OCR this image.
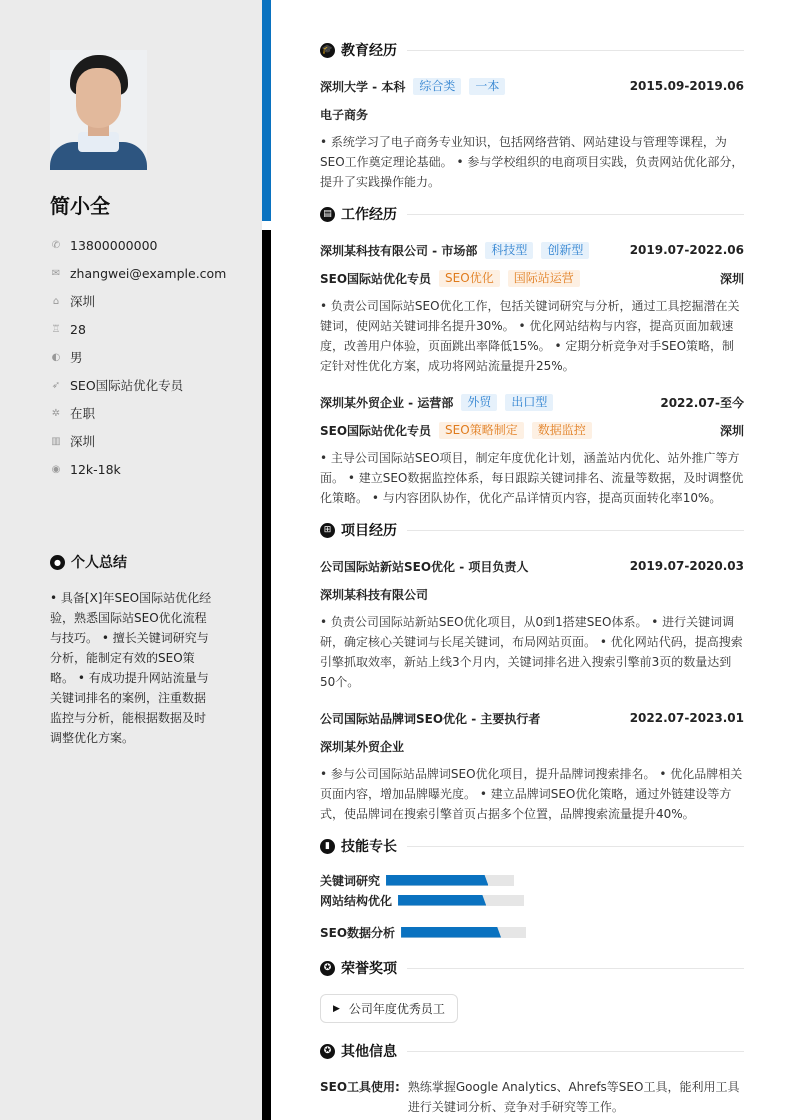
简小全
✆ 13800000000
✉ zhangwei@example.com
⌂ 深圳
♖ 28
◐ 男
➶ SEO国际站优化专员
✲ 在职
▥ 深圳
◉ 12k-18k
● 个人总结
• 具备[X]年SEO国际站优化经验，熟悉国际站SEO优化流程与技巧。 • 擅长关键词研究与分析，能制定有效的SEO策略。 • 有成功提升网站流量与关键词排名的案例，注重数据监控与分析，能根据数据及时调整优化方案。
🎓 教育经历
深圳大学 - 本科	综合类	一本	2015.09-2019.06
电子商务
• 系统学习了电子商务专业知识，包括网络营销、网站建设与管理等课程，为SEO工作奠定理论基础。 • 参与学校组织的电商项目实践，负责网站优化部分，提升了实践操作能力。
▤ 工作经历
深圳某科技有限公司 - 市场部	科技型	创新型	2019.07-2022.06
SEO国际站优化专员	SEO优化	国际站运营	深圳
• 负责公司国际站SEO优化工作，包括关键词研究与分析，通过工具挖掘潜在关键词，使网站关键词排名提升30%。 • 优化网站结构与内容，提高页面加载速度，改善用户体验，页面跳出率降低15%。 • 定期分析竞争对手SEO策略，制定针对性优化方案，成功将网站流量提升25%。
深圳某外贸企业 - 运营部	外贸	出口型	2022.07-至今
SEO国际站优化专员	SEO策略制定	数据监控	深圳
• 主导公司国际站SEO项目，制定年度优化计划，涵盖站内优化、站外推广等方面。 • 建立SEO数据监控体系，每日跟踪关键词排名、流量等数据，及时调整优化策略。 • 与内容团队协作，优化产品详情页内容，提高页面转化率10%。
⊞ 项目经历
公司国际站新站SEO优化 - 项目负责人	2019.07-2020.03
深圳某科技有限公司
• 负责公司国际站新站SEO优化项目，从0到1搭建SEO体系。 • 进行关键词调研，确定核心关键词与长尾关键词，布局网站页面。 • 优化网站代码，提高搜索引擎抓取效率，新站上线3个月内，关键词排名进入搜索引擎前3页的数量达到50个。
公司国际站品牌词SEO优化 - 主要执行者	2022.07-2023.01
深圳某外贸企业
• 参与公司国际站品牌词SEO优化项目，提升品牌词搜索排名。 • 优化品牌相关页面内容，增加品牌曝光度。 • 建立品牌词SEO优化策略，通过外链建设等方式，使品牌词在搜索引擎首页占据多个位置，品牌搜索流量提升40%。
▮ 技能专长
关键词研究
网站结构优化
SEO数据分析
✪ 荣誉奖项
▶ 公司年度优秀员工
✪ 其他信息
SEO工具使用: 熟练掌握Google Analytics、Ahrefs等SEO工具，能利用工具进行关键词分析、竞争对手研究等工作。
